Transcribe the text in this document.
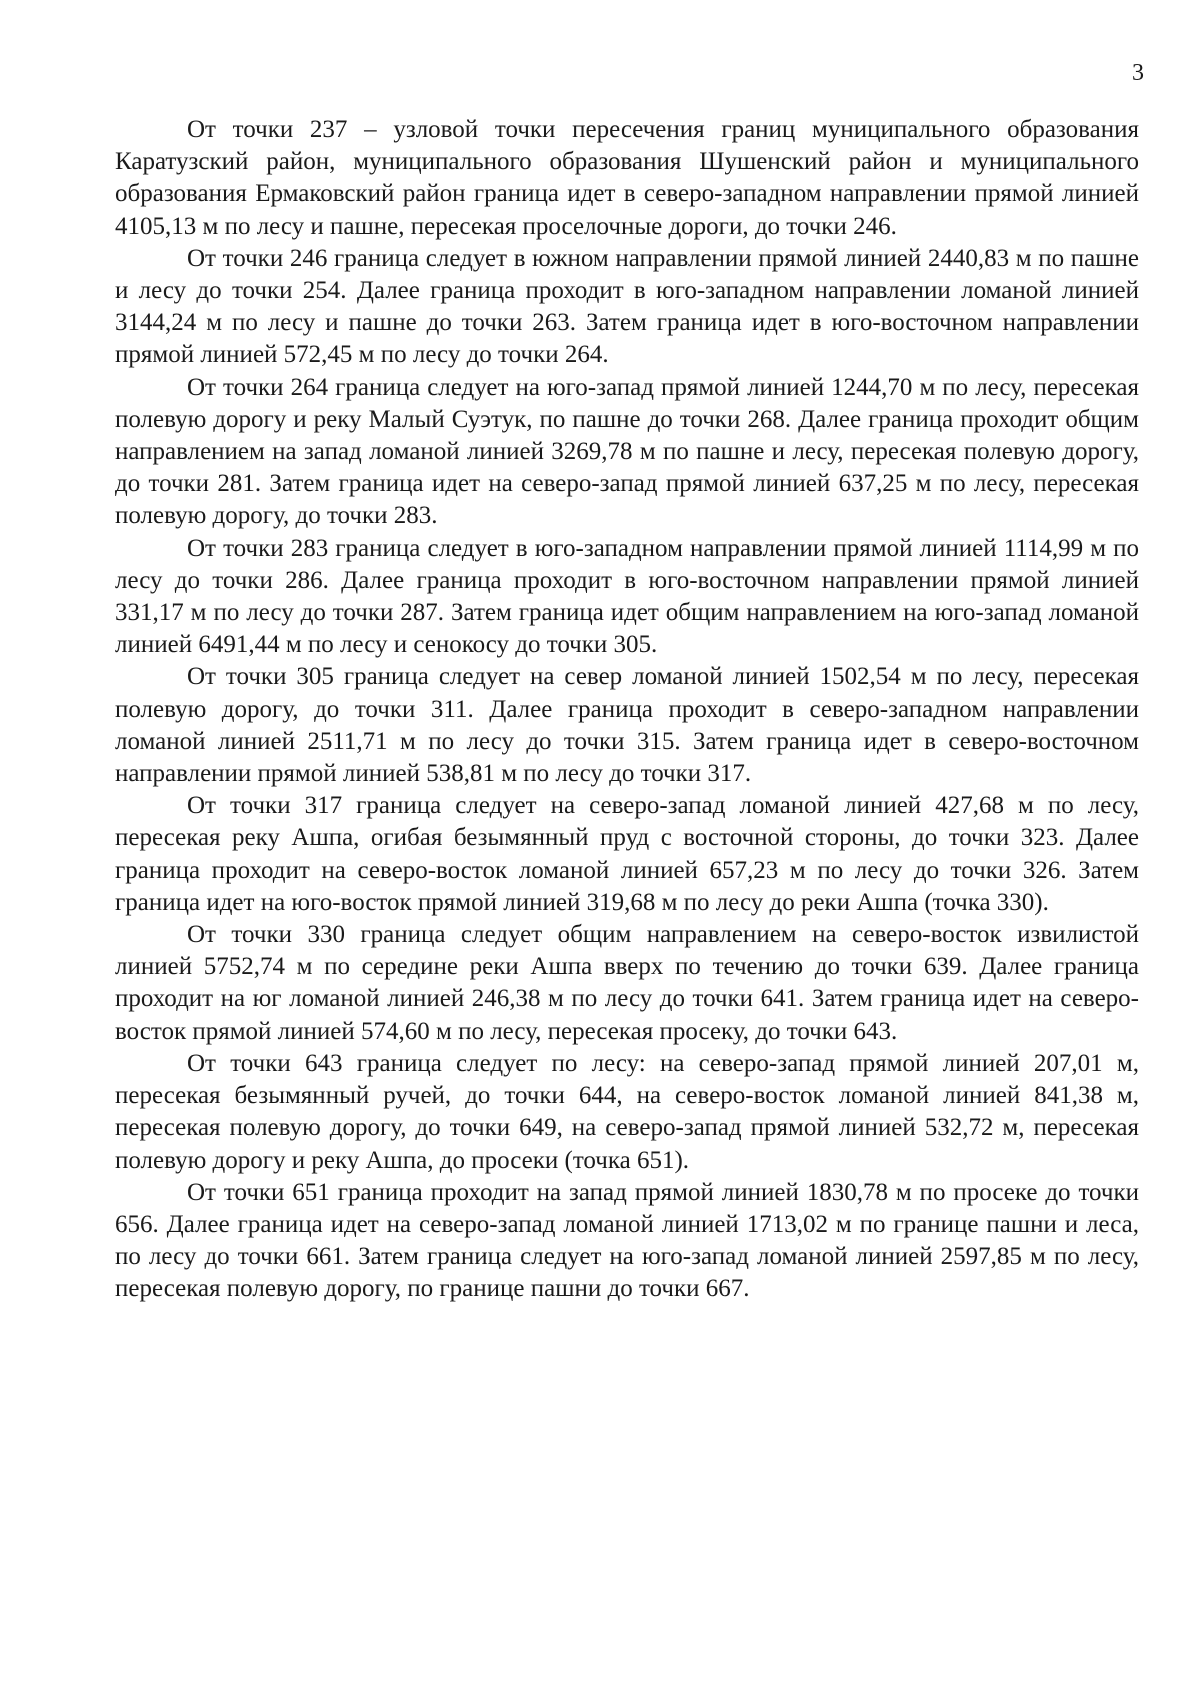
3

От точки 237 – узловой точки пересечения границ муниципального образования Каратузский район, муниципального образования Шушенский район и муниципального образования Ермаковский район граница идет в северо-западном направлении прямой линией 4105,13 м по лесу и пашне, пересекая проселочные дороги, до точки 246.

От точки 246 граница следует в южном направлении прямой линией 2440,83 м по пашне и лесу до точки 254. Далее граница проходит в юго-западном направлении ломаной линией 3144,24 м по лесу и пашне до точки 263. Затем граница идет в юго-восточном направлении прямой линией 572,45 м по лесу до точки 264.

От точки 264 граница следует на юго-запад прямой линией 1244,70 м по лесу, пересекая полевую дорогу и реку Малый Суэтук, по пашне до точки 268. Далее граница проходит общим направлением на запад ломаной линией 3269,78 м по пашне и лесу, пересекая полевую дорогу, до точки 281. Затем граница идет на северо-запад прямой линией 637,25 м по лесу, пересекая полевую дорогу, до точки 283.

От точки 283 граница следует в юго-западном направлении прямой линией 1114,99 м по лесу до точки 286. Далее граница проходит в юго-восточном направлении прямой линией 331,17 м по лесу до точки 287. Затем граница идет общим направлением на юго-запад ломаной линией 6491,44 м по лесу и сенокосу до точки 305.

От точки 305 граница следует на север ломаной линией 1502,54 м по лесу, пересекая полевую дорогу, до точки 311. Далее граница проходит в северо-западном направлении ломаной линией 2511,71 м по лесу до точки 315. Затем граница идет в северо-восточном направлении прямой линией 538,81 м по лесу до точки 317.

От точки 317 граница следует на северо-запад ломаной линией 427,68 м по лесу, пересекая реку Ашпа, огибая безымянный пруд с восточной стороны, до точки 323. Далее граница проходит на северо-восток ломаной линией 657,23 м по лесу до точки 326. Затем граница идет на юго-восток прямой линией 319,68 м по лесу до реки Ашпа (точка 330).

От точки 330 граница следует общим направлением на северо-восток извилистой линией 5752,74 м по середине реки Ашпа вверх по течению до точки 639. Далее граница проходит на юг ломаной линией 246,38 м по лесу до точки 641. Затем граница идет на северо-восток прямой линией 574,60 м по лесу, пересекая просеку, до точки 643.

От точки 643 граница следует по лесу: на северо-запад прямой линией 207,01 м, пересекая безымянный ручей, до точки 644, на северо-восток ломаной линией 841,38 м, пересекая полевую дорогу, до точки 649, на северо-запад прямой линией 532,72 м, пересекая полевую дорогу и реку Ашпа, до просеки (точка 651).

От точки 651 граница проходит на запад прямой линией 1830,78 м по просеке до точки 656. Далее граница идет на северо-запад ломаной линией 1713,02 м по границе пашни и леса, по лесу до точки 661. Затем граница следует на юго-запад ломаной линией 2597,85 м по лесу, пересекая полевую дорогу, по границе пашни до точки 667.
